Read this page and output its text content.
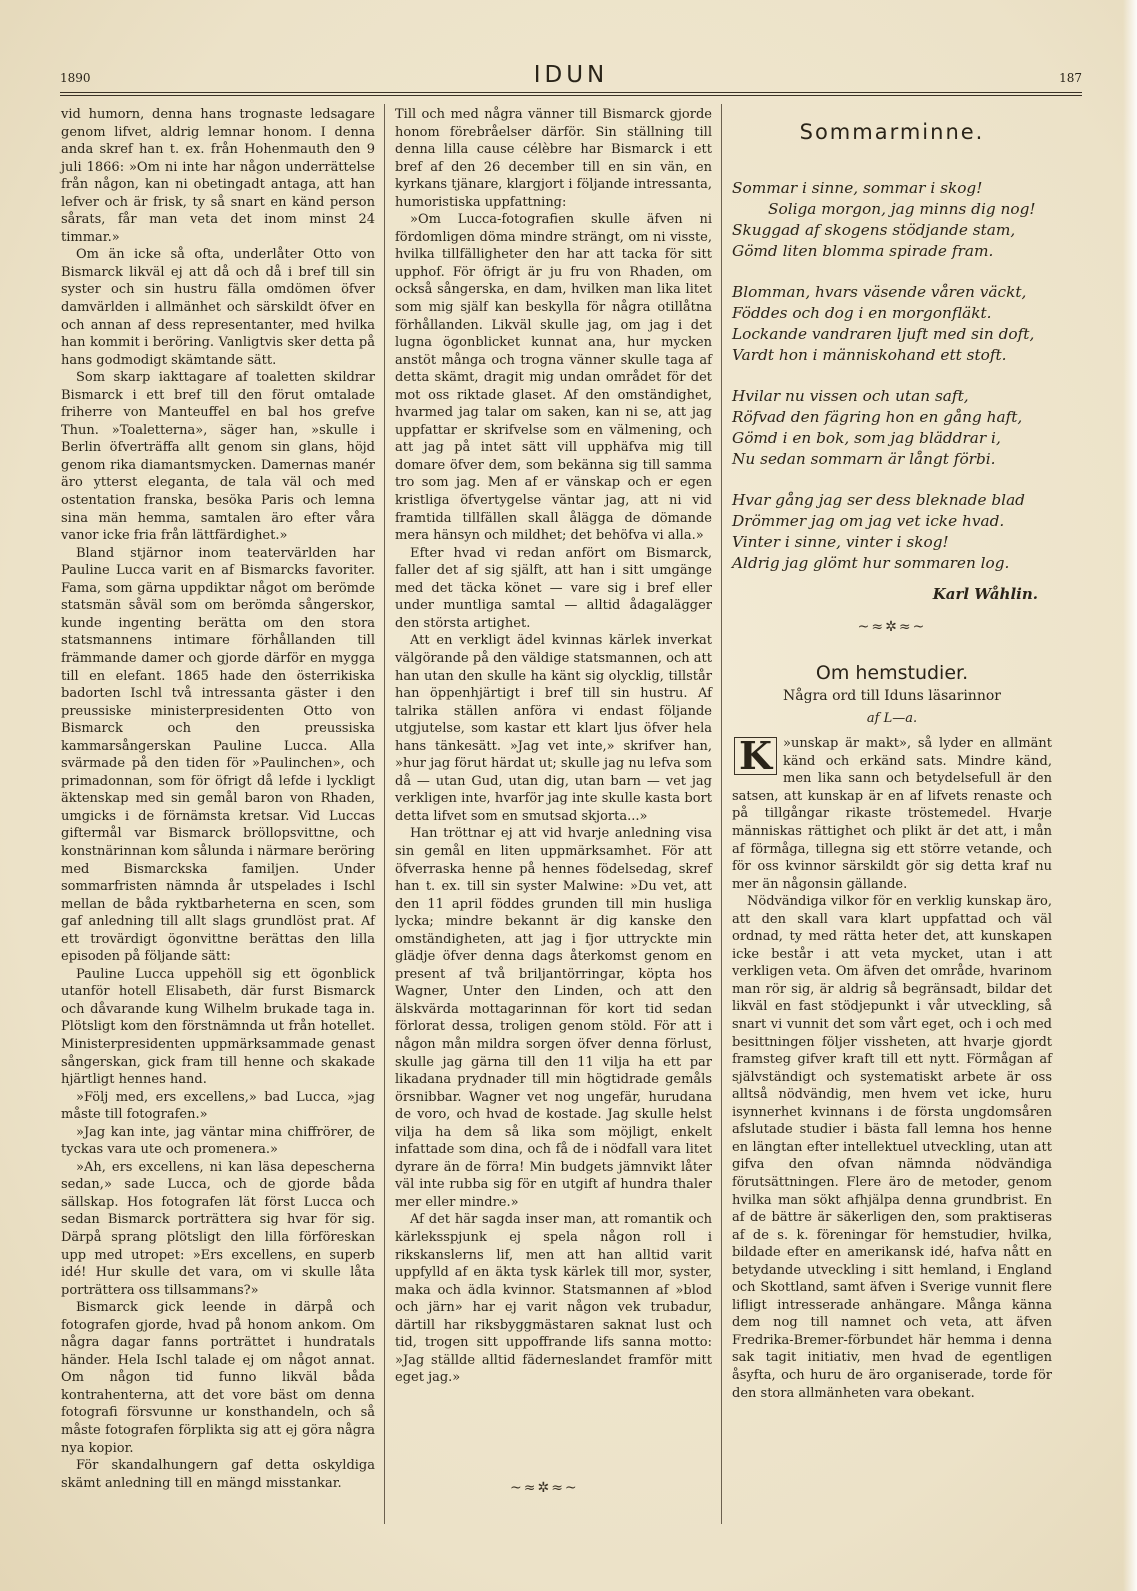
1890	IDUN	187

vid humorn, denna hans trognaste ledsagare genom lifvet, aldrig lemnar honom. I denna anda skref han t. ex. från Hohenmauth den 9 juli 1866: »Om ni inte har någon underrättelse från någon, kan ni obetingadt antaga, att han lefver och är frisk, ty så snart en känd person sårats, får man veta det inom minst 24 timmar.»

Om än icke så ofta, underlåter Otto von Bismarck likväl ej att då och då i bref till sin syster och sin hustru fälla omdömen öfver damvärlden i allmänhet och särskildt öfver en och annan af dess representanter, med hvilka han kommit i beröring. Vanligtvis sker detta på hans godmodigt skämtande sätt.

Som skarp iakttagare af toaletten skildrar Bismarck i ett bref till den förut omtalade friherre von Manteuffel en bal hos grefve Thun. »Toaletterna», säger han, »skulle i Berlin öfverträffa allt genom sin glans, höjd genom rika diamantsmycken. Damernas manér äro ytterst eleganta, de tala väl och med ostentation franska, besöka Paris och lemna sina män hemma, samtalen äro efter våra vanor icke fria från lättfärdighet.»

Bland stjärnor inom teatervärlden har Pauline Lucca varit en af Bismarcks favoriter. Fama, som gärna uppdiktar något om berömde statsmän såväl som om berömda sångerskor, kunde ingenting berätta om den stora statsmannens intimare förhållanden till främmande damer och gjorde därför en mygga till en elefant. 1865 hade den österrikiska badorten Ischl två intressanta gäster i den preussiske ministerpresidenten Otto von Bismarck och den preussiska kammarsångerskan Pauline Lucca. Alla svärmade på den tiden för »Paulinchen», och primadonnan, som för öfrigt då lefde i lyckligt äktenskap med sin gemål baron von Rhaden, umgicks i de förnämsta kretsar. Vid Luccas giftermål var Bismarck bröllopsvittne, och konstnärinnan kom sålunda i närmare beröring med Bismarckska familjen. Under sommarfristen nämnda år utspelades i Ischl mellan de båda ryktbarheterna en scen, som gaf anledning till allt slags grundlöst prat. Af ett trovärdigt ögonvittne berättas den lilla episoden på följande sätt:

Pauline Lucca uppehöll sig ett ögonblick utanför hotell Elisabeth, där furst Bismarck och dåvarande kung Wilhelm brukade taga in. Plötsligt kom den förstnämnda ut från hotellet. Ministerpresidenten uppmärksammade genast sångerskan, gick fram till henne och skakade hjärtligt hennes hand.

»Följ med, ers excellens,» bad Lucca, »jag måste till fotografen.»

»Jag kan inte, jag väntar mina chiffrörer, de tyckas vara ute och promenera.»

»Ah, ers excellens, ni kan läsa depescherna sedan,» sade Lucca, och de gjorde båda sällskap. Hos fotografen lät först Lucca och sedan Bismarck porträttera sig hvar för sig. Därpå sprang plötsligt den lilla förföreskan upp med utropet: »Ers excellens, en superb idé! Hur skulle det vara, om vi skulle låta porträttera oss tillsammans?»

Bismarck gick leende in därpå och fotografen gjorde, hvad på honom ankom. Om några dagar fanns porträttet i hundratals händer. Hela Ischl talade ej om något annat. Om någon tid funno likväl båda kontrahenterna, att det vore bäst om denna fotografi försvunne ur konsthandeln, och så måste fotografen förplikta sig att ej göra några nya kopior.

För skandalhungern gaf detta oskyldiga skämt anledning till en mängd misstankar.

Till och med några vänner till Bismarck gjorde honom förebråelser därför. Sin ställning till denna lilla cause célèbre har Bismarck i ett bref af den 26 december till en sin vän, en kyrkans tjänare, klargjort i följande intressanta, humoristiska uppfattning:

»Om Lucca-fotografien skulle äfven ni fördomligen döma mindre strängt, om ni visste, hvilka tillfälligheter den har att tacka för sitt upphof. För öfrigt är ju fru von Rhaden, om också sångerska, en dam, hvilken man lika litet som mig själf kan beskylla för några otillåtna förhållanden. Likväl skulle jag, om jag i det lugna ögonblicket kunnat ana, hur mycken anstöt många och trogna vänner skulle taga af detta skämt, dragit mig undan området för det mot oss riktade glaset. Af den omständighet, hvarmed jag talar om saken, kan ni se, att jag uppfattar er skrifvelse som en välmening, och att jag på intet sätt vill upphäfva mig till domare öfver dem, som bekänna sig till samma tro som jag. Men af er vänskap och er egen kristliga öfvertygelse väntar jag, att ni vid framtida tillfällen skall ålägga de dömande mera hänsyn och mildhet; det behöfva vi alla.»

Efter hvad vi redan anfört om Bismarck, faller det af sig själft, att han i sitt umgänge med det täcka könet — vare sig i bref eller under muntliga samtal — alltid ådagalägger den största artighet.

Att en verkligt ädel kvinnas kärlek inverkat välgörande på den väldige statsmannen, och att han utan den skulle ha känt sig olycklig, tillstår han öppenhjärtigt i bref till sin hustru. Af talrika ställen anföra vi endast följande utgjutelse, som kastar ett klart ljus öfver hela hans tänkesätt. »Jag vet inte,» skrifver han, »hur jag förut härdat ut; skulle jag nu lefva som då — utan Gud, utan dig, utan barn — vet jag verkligen inte, hvarför jag inte skulle kasta bort detta lifvet som en smutsad skjorta...»

Han tröttnar ej att vid hvarje anledning visa sin gemål en liten uppmärksamhet. För att öfverraska henne på hennes födelsedag, skref han t. ex. till sin syster Malwine: »Du vet, att den 11 april föddes grunden till min husliga lycka; mindre bekannt är dig kanske den omständigheten, att jag i fjor uttryckte min glädje öfver denna dags återkomst genom en present af två briljantörringar, köpta hos Wagner, Unter den Linden, och att den älskvärda mottagarinnan för kort tid sedan förlorat dessa, troligen genom stöld. För att i någon mån mildra sorgen öfver denna förlust, skulle jag gärna till den 11 vilja ha ett par likadana prydnader till min högtidrade gemåls örsnibbar. Wagner vet nog ungefär, hurudana de voro, och hvad de kostade. Jag skulle helst vilja ha dem så lika som möjligt, enkelt infattade som dina, och få de i nödfall vara litet dyrare än de förra! Min budgets jämnvikt låter väl inte rubba sig för en utgift af hundra thaler mer eller mindre.»

Af det här sagda inser man, att romantik och kärleksspjunk ej spela någon roll i rikskanslerns lif, men att han alltid varit uppfylld af en äkta tysk kärlek till mor, syster, maka och ädla kvinnor. Statsmannen af »blod och järn» har ej varit någon vek trubadur, därtill har riksbyggmästaren saknat lust och tid, trogen sitt uppoffrande lifs sanna motto: »Jag ställde alltid fäderneslandet framför mitt eget jag.»

Sommarminne.
Sommar i sinne, sommar i skog!
Soliga morgon, jag minns dig nog!
Skuggad af skogens stödjande stam,
Gömd liten blomma spirade fram.
Blomman, hvars väsende våren väckt,
Föddes och dog i en morgonfläkt.
Lockande vandraren ljuft med sin doft,
Vardt hon i människohand ett stoft.
Hvilar nu vissen och utan saft,
Röfvad den fägring hon en gång haft,
Gömd i en bok, som jag bläddrar i,
Nu sedan sommarn är långt förbi.
Hvar gång jag ser dess bleknade blad
Drömmer jag om jag vet icke hvad.
Vinter i sinne, vinter i skog!
Aldrig jag glömt hur sommaren log.
Karl Wåhlin.
~≈✲≈~
Om hemstudier.
Några ord till Iduns läsarinnor
af L—a.

»
K	unskap är makt», så lyder en allmänt känd och erkänd sats. Mindre känd, men lika sann och betydelsefull är den satsen, att kunskap är en af lifvets renaste och på tillgångar rikaste tröstemedel. Hvarje människas rättighet och plikt är det att, i mån af förmåga, tillegna sig ett större vetande, och för oss kvinnor särskildt gör sig detta kraf nu mer än någonsin gällande.

Nödvändiga vilkor för en verklig kunskap äro, att den skall vara klart uppfattad och väl ordnad, ty med rätta heter det, att kunskapen icke består i att veta mycket, utan i att verkligen veta. Om äfven det område, hvarinom man rör sig, är aldrig så begränsadt, bildar det likväl en fast stödjepunkt i vår utveckling, så snart vi vunnit det som vårt eget, och i och med besittningen följer vissheten, att hvarje gjordt framsteg gifver kraft till ett nytt. Förmågan af självständigt och systematiskt arbete är oss alltså nödvändig, men hvem vet icke, huru isynnerhet kvinnans i de första ungdomsåren afslutade studier i bästa fall lemna hos henne en längtan efter intellektuel utveckling, utan att gifva den ofvan nämnda nödvändiga förutsättningen. Flere äro de metoder, genom hvilka man sökt afhjälpa denna grundbrist. En af de bättre är säkerligen den, som praktiseras af de s. k. föreningar för hemstudier, hvilka, bildade efter en amerikansk idé, hafva nått en betydande utveckling i sitt hemland, i England och Skottland, samt äfven i Sverige vunnit flere lifligt intresserade anhängare. Många känna dem nog till namnet och veta, att äfven Fredrika-Bremer-förbundet här hemma i denna sak tagit initiativ, men hvad de egentligen åsyfta, och huru de äro organiserade, torde för den stora allmänheten vara obekant.

~≈✲≈~
